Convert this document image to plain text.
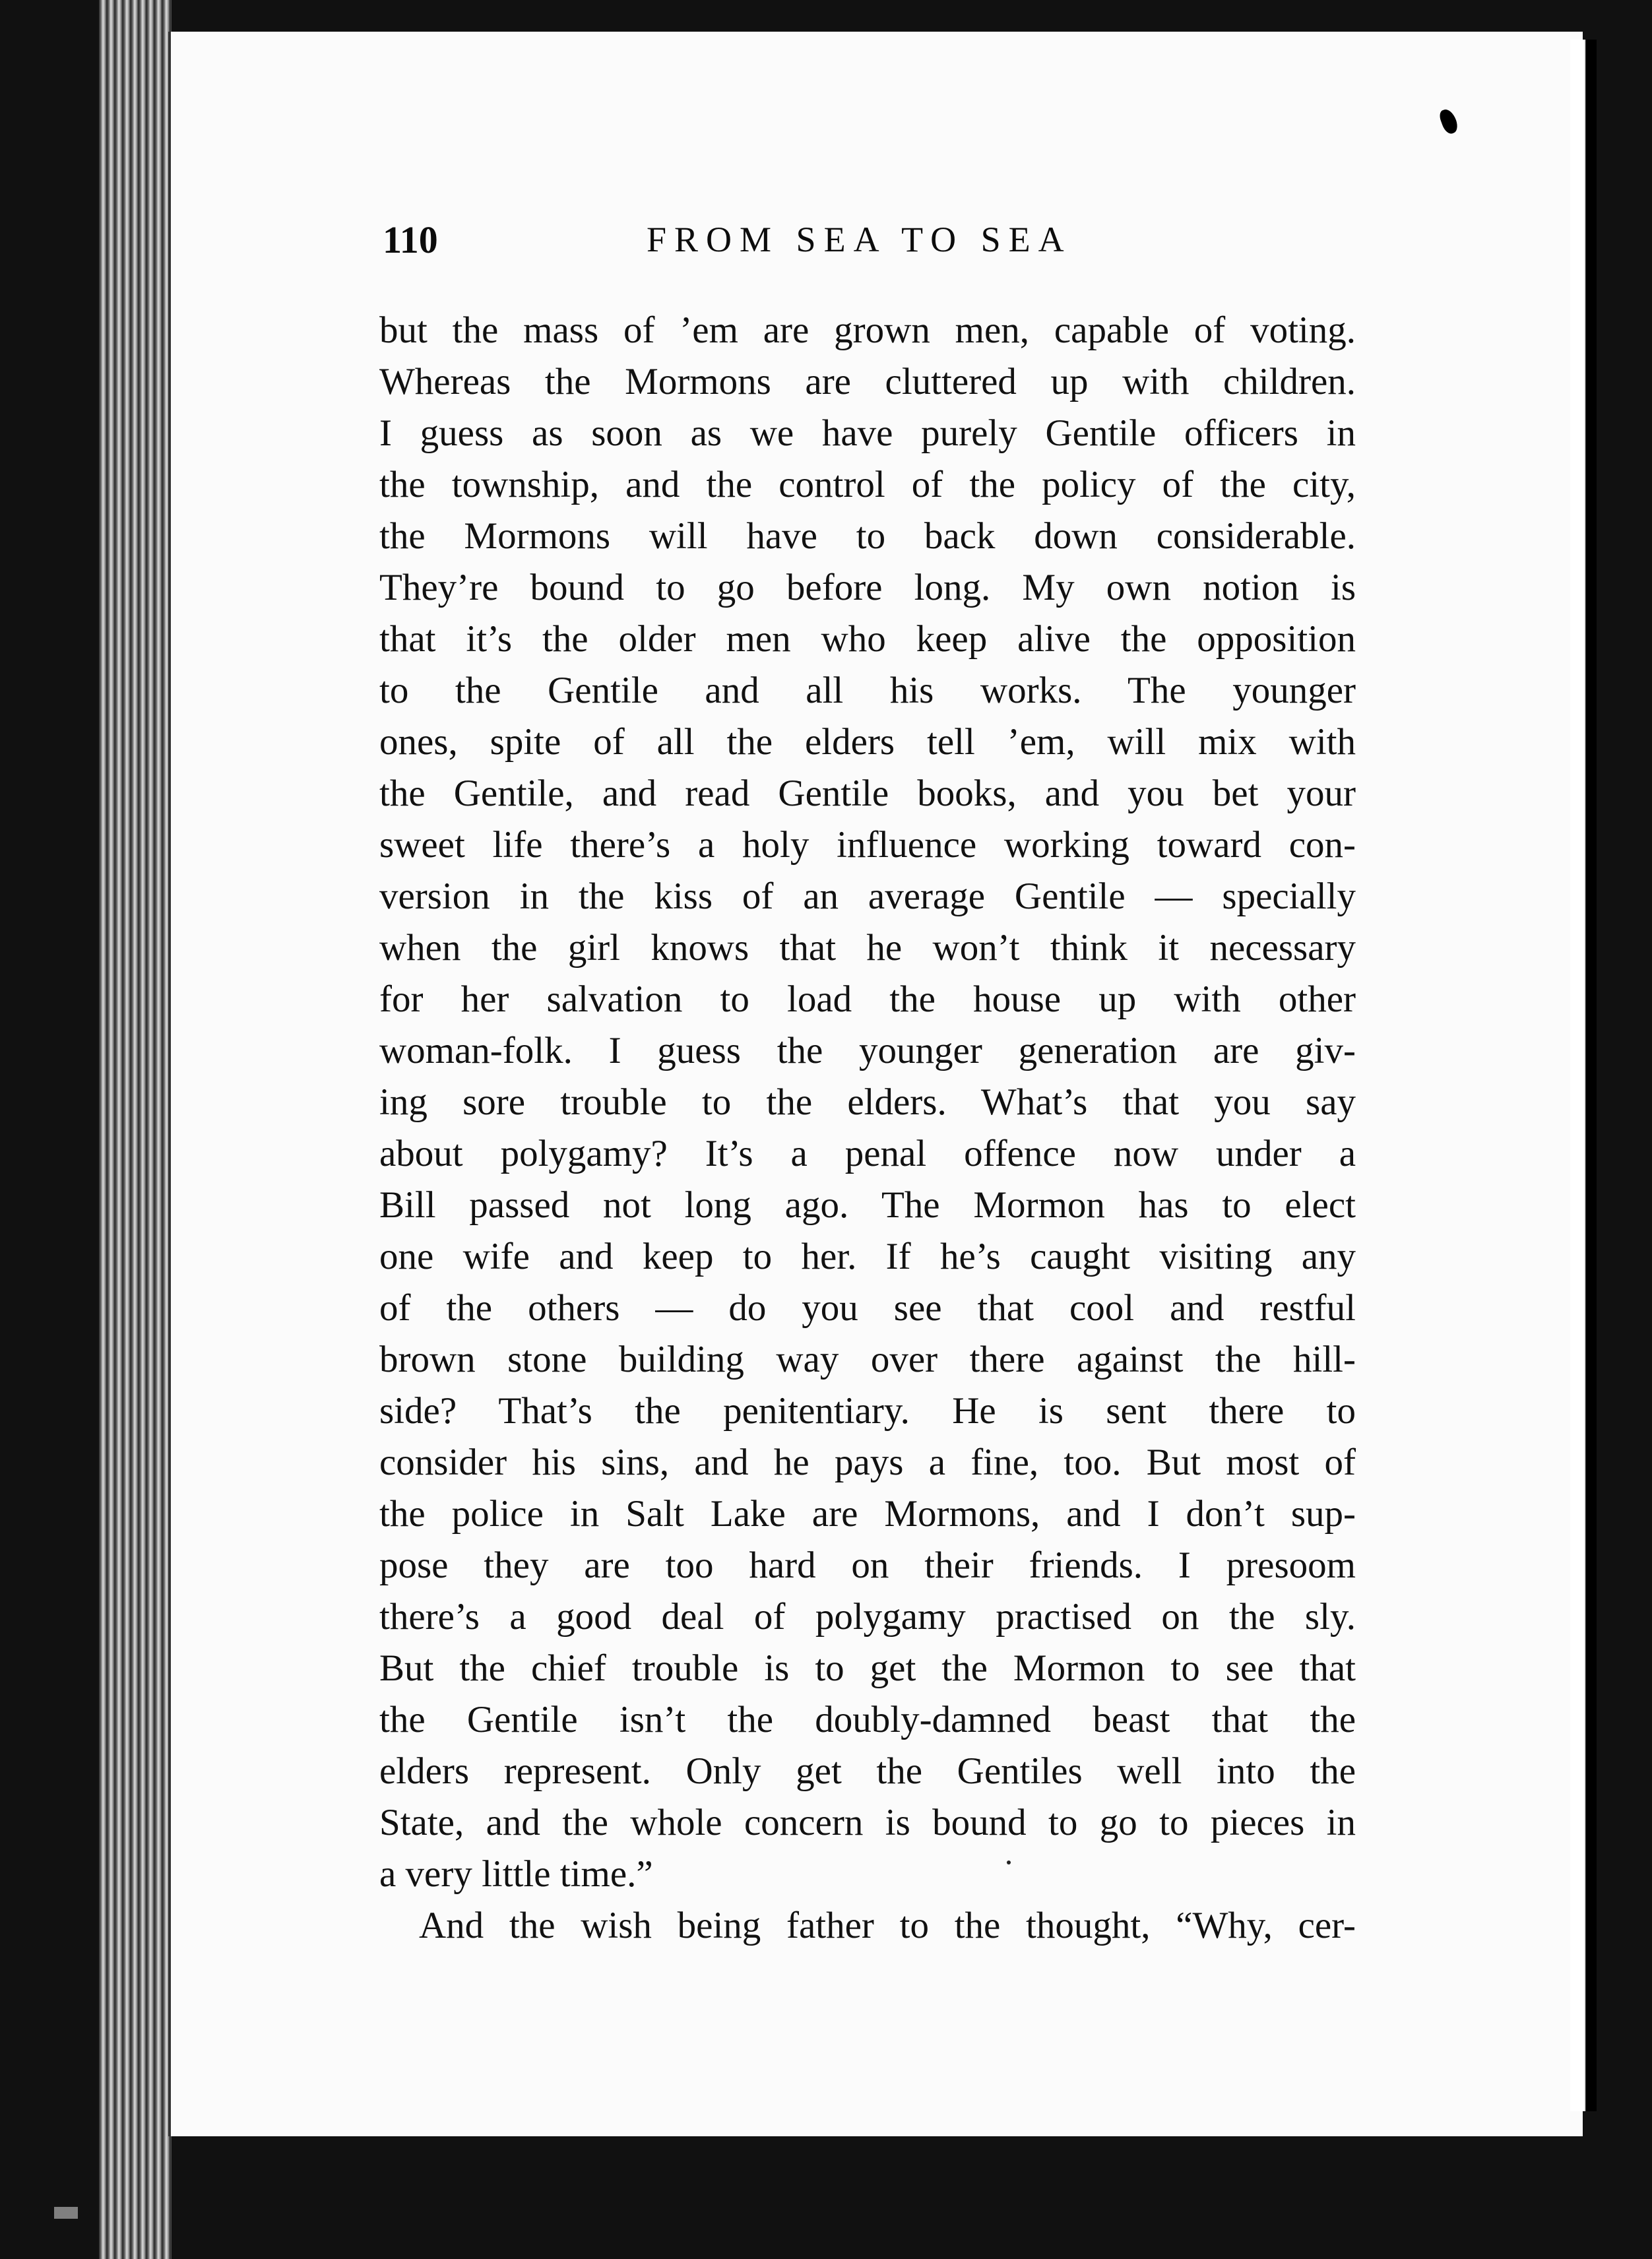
110	FROM SEA TO SEA
but the mass of ’em are grown men, capable of voting.
Whereas the Mormons are cluttered up with children.
I guess as soon as we have purely Gentile officers in
the township, and the control of the policy of the city,
the Mormons will have to back down considerable.
They’re bound to go before long. My own notion is
that it’s the older men who keep alive the opposition
to the Gentile and all his works. The younger
ones, spite of all the elders tell ’em, will mix with
the Gentile, and read Gentile books, and you bet your
sweet life there’s a holy influence working toward con-
version in the kiss of an average Gentile — specially
when the girl knows that he won’t think it necessary
for her salvation to load the house up with other
woman-folk. I guess the younger generation are giv-
ing sore trouble to the elders. What’s that you say
about polygamy? It’s a penal offence now under a
Bill passed not long ago. The Mormon has to elect
one wife and keep to her. If he’s caught visiting any
of the others — do you see that cool and restful
brown stone building way over there against the hill-
side? That’s the penitentiary. He is sent there to
consider his sins, and he pays a fine, too. But most of
the police in Salt Lake are Mormons, and I don’t sup-
pose they are too hard on their friends. I presoom
there’s a good deal of polygamy practised on the sly.
But the chief trouble is to get the Mormon to see that
the Gentile isn’t the doubly-damned beast that the
elders represent. Only get the Gentiles well into the
State, and the whole concern is bound to go to pieces in
a very little time.”
And the wish being father to the thought, “Why, cer-
